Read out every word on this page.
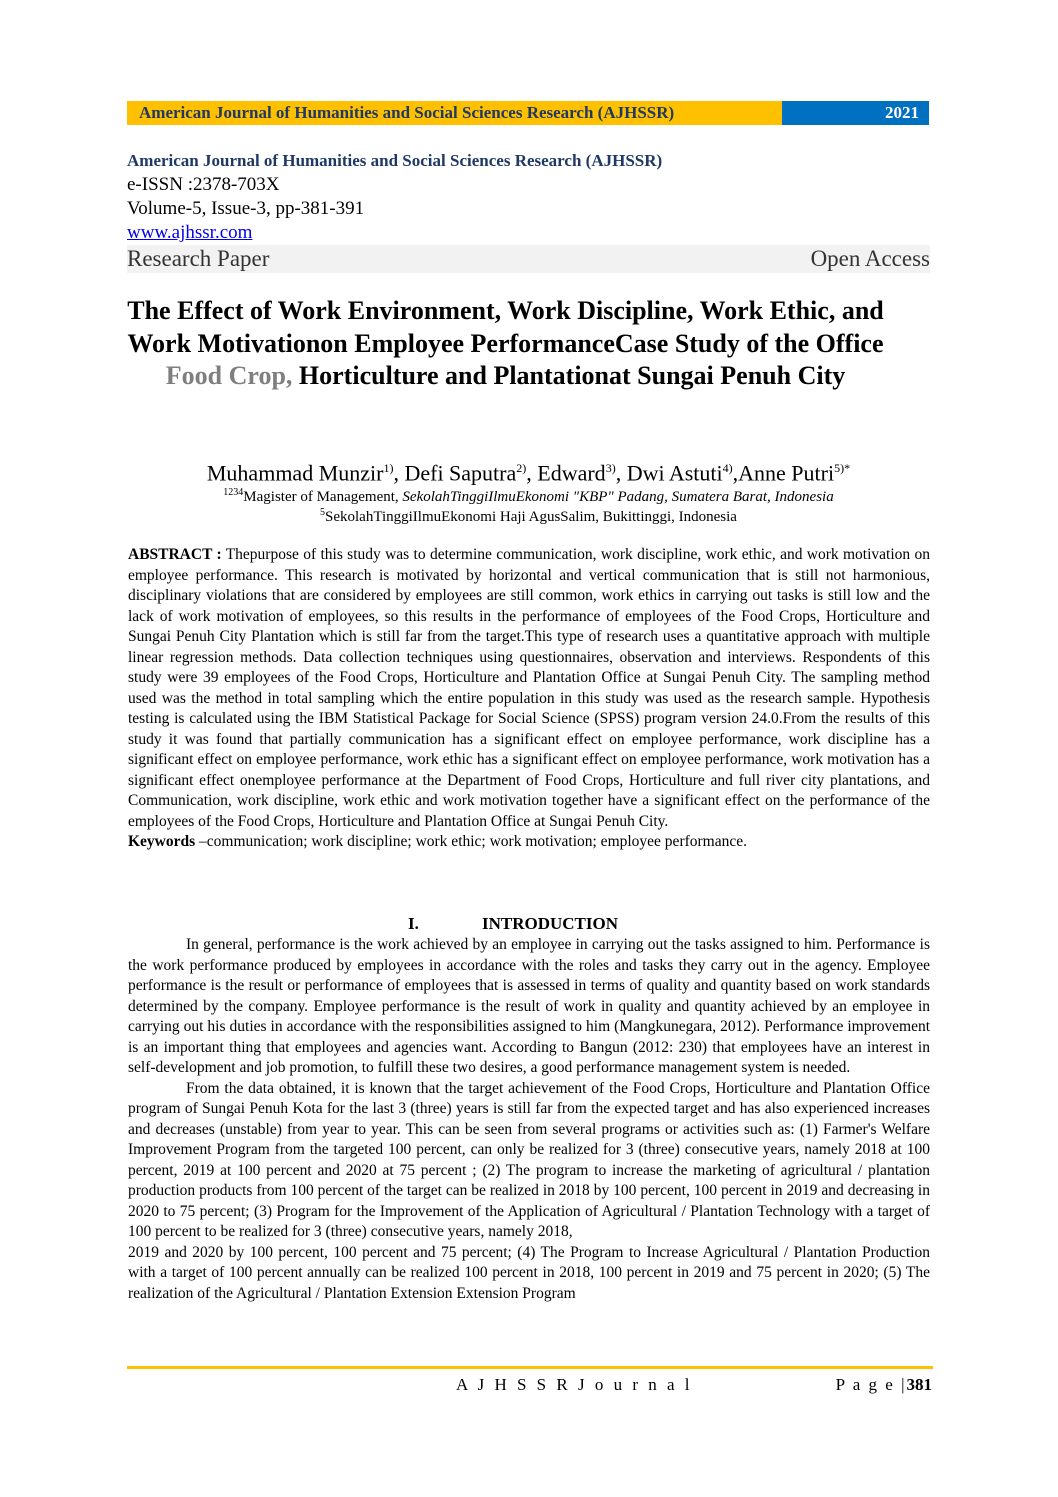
American Journal of Humanities and Social Sciences Research (AJHSSR)	2021
American Journal of Humanities and Social Sciences Research (AJHSSR)
e-ISSN :2378-703X
Volume-5, Issue-3, pp-381-391
www.ajhssr.com
Research Paper	Open Access
The Effect of Work Environment, Work Discipline, Work Ethic, and Work Motivationon Employee PerformanceCase Study of the Office Food Crop, Horticulture and Plantationat Sungai Penuh City
Muhammad Munzir$^{1)}$, Defi Saputra$^{2)}$, Edward$^{3)}$, Dwi Astuti$^{4)}$,Anne Putri$^{5)*}$
$^{1234}$Magister of Management, SekolahTinggiIlmuEkonomi "KBP" Padang, Sumatera Barat, Indonesia
$^5$SekolahTinggiIlmuEkonomi Haji AgusSalim, Bukittinggi, Indonesia
ABSTRACT : Thepurpose of this study was to determine communication, work discipline, work ethic, and work motivation on employee performance. This research is motivated by horizontal and vertical communication that is still not harmonious, disciplinary violations that are considered by employees are still common, work ethics in carrying out tasks is still low and the lack of work motivation of employees, so this results in the performance of employees of the Food Crops, Horticulture and Sungai Penuh City Plantation which is still far from the target.This type of research uses a quantitative approach with multiple linear regression methods. Data collection techniques using questionnaires, observation and interviews. Respondents of this study were 39 employees of the Food Crops, Horticulture and Plantation Office at Sungai Penuh City. The sampling method used was the method in total sampling which the entire population in this study was used as the research sample. Hypothesis testing is calculated using the IBM Statistical Package for Social Science (SPSS) program version 24.0.From the results of this study it was found that partially communication has a significant effect on employee performance, work discipline has a significant effect on employee performance, work ethic has a significant effect on employee performance, work motivation has a significant effect onemployee performance at the Department of Food Crops, Horticulture and full river city plantations, and Communication, work discipline, work ethic and work motivation together have a significant effect on the performance of the employees of the Food Crops, Horticulture and Plantation Office at Sungai Penuh City.
Keywords –communication; work discipline; work ethic; work motivation; employee performance.
I.	INTRODUCTION

In general, performance is the work achieved by an employee in carrying out the tasks assigned to him. Performance is the work performance produced by employees in accordance with the roles and tasks they carry out in the agency. Employee performance is the result or performance of employees that is assessed in terms of quality and quantity based on work standards determined by the company. Employee performance is the result of work in quality and quantity achieved by an employee in carrying out his duties in accordance with the responsibilities assigned to him (Mangkunegara, 2012). Performance improvement is an important thing that employees and agencies want. According to Bangun (2012: 230) that employees have an interest in self-development and job promotion, to fulfill these two desires, a good performance management system is needed.

From the data obtained, it is known that the target achievement of the Food Crops, Horticulture and Plantation Office program of Sungai Penuh Kota for the last 3 (three) years is still far from the expected target and has also experienced increases and decreases (unstable) from year to year. This can be seen from several programs or activities such as: (1) Farmer's Welfare Improvement Program from the targeted 100 percent, can only be realized for 3 (three) consecutive years, namely 2018 at 100 percent, 2019 at 100 percent and 2020 at 75 percent ; (2) The program to increase the marketing of agricultural / plantation production products from 100 percent of the target can be realized in 2018 by 100 percent, 100 percent in 2019 and decreasing in 2020 to 75 percent; (3) Program for the Improvement of the Application of Agricultural / Plantation Technology with a target of 100 percent to be realized for 3 (three) consecutive years, namely 2018,

2019 and 2020 by 100 percent, 100 percent and 75 percent; (4) The Program to Increase Agricultural / Plantation Production with a target of 100 percent annually can be realized 100 percent in 2018, 100 percent in 2019 and 75 percent in 2020; (5) The realization of the Agricultural / Plantation Extension Extension Program

A J H S S R J o u r n a l	P a g e |381
